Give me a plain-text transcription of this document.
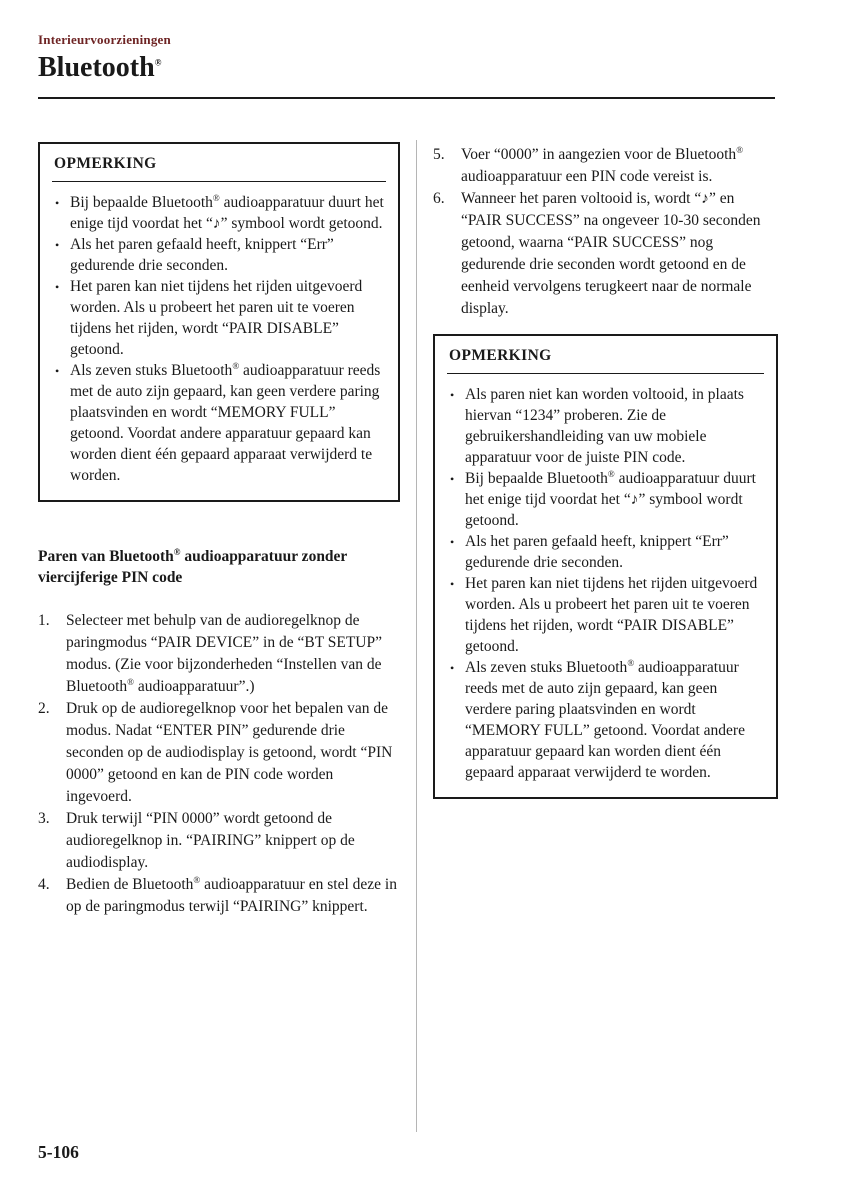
Interieurvoorzieningen
Bluetooth®
OPMERKING
• Bij bepaalde Bluetooth® audioapparatuur duurt het enige tijd voordat het “♪” symbool wordt getoond.
• Als het paren gefaald heeft, knippert “Err” gedurende drie seconden.
• Het paren kan niet tijdens het rijden uitgevoerd worden. Als u probeert het paren uit te voeren tijdens het rijden, wordt “PAIR DISABLE” getoond.
• Als zeven stuks Bluetooth® audioapparatuur reeds met de auto zijn gepaard, kan geen verdere paring plaatsvinden en wordt “MEMORY FULL” getoond. Voordat andere apparatuur gepaard kan worden dient één gepaard apparaat verwijderd te worden.
Paren van Bluetooth® audioapparatuur zonder viercijferige PIN code
1.	Selecteer met behulp van de audioregelknop de paringmodus “PAIR DEVICE” in de “BT SETUP” modus. (Zie voor bijzonderheden “Instellen van de Bluetooth® audioapparatuur”.)
2.	Druk op de audioregelknop voor het bepalen van de modus. Nadat “ENTER PIN” gedurende drie seconden op de audiodisplay is getoond, wordt “PIN 0000” getoond en kan de PIN code worden ingevoerd.
3.	Druk terwijl “PIN 0000” wordt getoond de audioregelknop in. “PAIRING” knippert op de audiodisplay.
4.	Bedien de Bluetooth® audioapparatuur en stel deze in op de paringmodus terwijl “PAIRING” knippert.
5.	Voer “0000” in aangezien voor de Bluetooth® audioapparatuur een PIN code vereist is.
6.	Wanneer het paren voltooid is, wordt “♪” en “PAIR SUCCESS” na ongeveer 10-30 seconden getoond, waarna “PAIR SUCCESS” nog gedurende drie seconden wordt getoond en de eenheid vervolgens terugkeert naar de normale display.
OPMERKING
• Als paren niet kan worden voltooid, in plaats hiervan “1234” proberen. Zie de gebruikershandleiding van uw mobiele apparatuur voor de juiste PIN code.
• Bij bepaalde Bluetooth® audioapparatuur duurt het enige tijd voordat het “♪” symbool wordt getoond.
• Als het paren gefaald heeft, knippert “Err” gedurende drie seconden.
• Het paren kan niet tijdens het rijden uitgevoerd worden. Als u probeert het paren uit te voeren tijdens het rijden, wordt “PAIR DISABLE” getoond.
• Als zeven stuks Bluetooth® audioapparatuur reeds met de auto zijn gepaard, kan geen verdere paring plaatsvinden en wordt “MEMORY FULL” getoond. Voordat andere apparatuur gepaard kan worden dient één gepaard apparaat verwijderd te worden.
5-106
